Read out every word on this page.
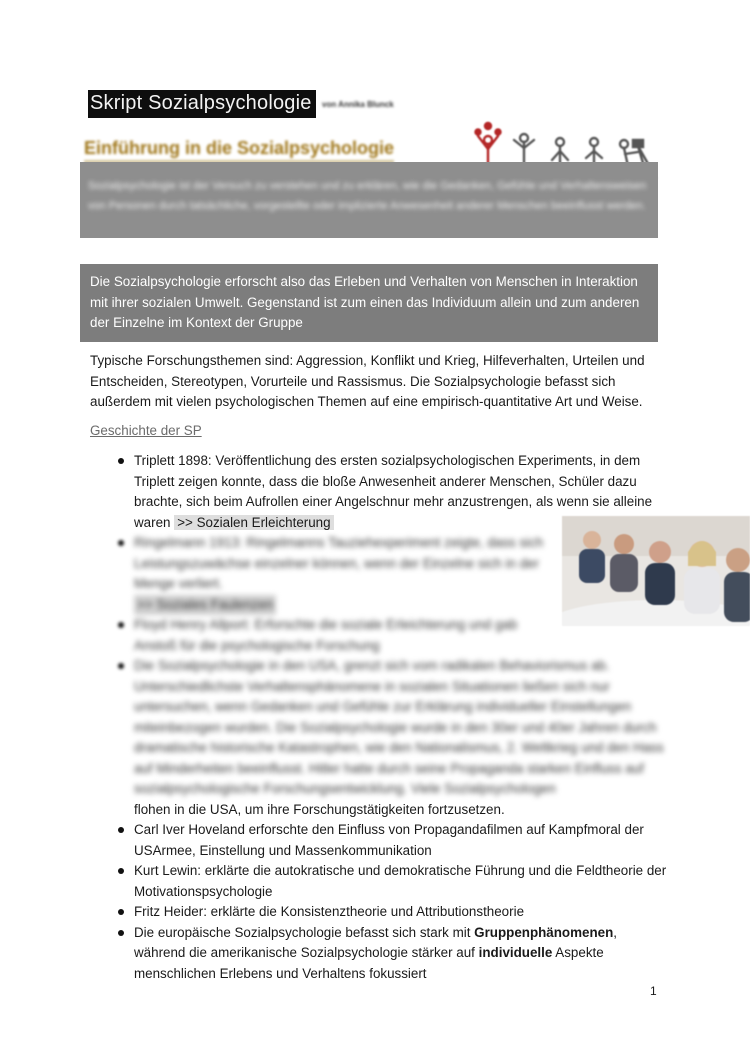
Skript Sozialpsychologie von Annika Blunck
Einführung in die Sozialpsychologie

Sozialpsychologie ist der Versuch zu verstehen und zu erklären, wie die Gedanken, Gefühle und Verhaltensweisen von Personen durch tatsächliche, vorgestellte oder implizierte Anwesenheit anderer Menschen beeinflusst werden.

Die Sozialpsychologie erforscht also das Erleben und Verhalten von Menschen in Interaktion mit ihrer sozialen Umwelt. Gegenstand ist zum einen das Individuum allein und zum anderen der Einzelne im Kontext der Gruppe

Typische Forschungsthemen sind: Aggression, Konflikt und Krieg, Hilfeverhalten, Urteilen und Entscheiden, Stereotypen, Vorurteile und Rassismus. Die Sozialpsychologie befasst sich außerdem mit vielen psychologischen Themen auf eine empirisch-quantitative Art und Weise.

Geschichte der SP
Triplett 1898: Veröffentlichung des ersten sozialpsychologischen Experiments, in dem Triplett zeigen konnte, dass die bloße Anwesenheit anderer Menschen, Schüler dazu brachte, sich beim Aufrollen einer Angelschnur mehr anzustrengen, als wenn sie alleine waren >> Sozialen Erleichterung
Ringelmann 1913: Ringelmanns Tauziehexperiment zeigte, dass sich Leistungszuwächse einzelner können, wenn der Einzelne sich in der Menge verliert.
>> Soziales Faulenzen
Floyd Henry Allport: Erforschte die soziale Erleichterung und gab Anstoß für die psychologische Forschung
Die Sozialpsychologie in den USA, grenzt sich vom radikalen Behaviorismus ab. Unterschiedlichste Verhaltensphänomene in sozialen Situationen ließen sich nur untersuchen, wenn Gedanken und Gefühle zur Erklärung individueller Einstellungen miteinbezogen wurden. Die Sozialpsychologie wurde in den 30er und 40er Jahren durch dramatische historische Katastrophen, wie den Nationalismus, 2. Weltkrieg und den Hass auf Minderheiten beeinflusst. Hitler hatte durch seine Propaganda starken Einfluss auf sozialpsychologische Forschungsentwicklung. Viele Sozialpsychologen
flohen in die USA, um ihre Forschungstätigkeiten fortzusetzen.
Carl Iver Hoveland erforschte den Einfluss von Propagandafilmen auf Kampfmoral der USArmee, Einstellung und Massenkommunikation
Kurt Lewin: erklärte die autokratische und demokratische Führung und die Feldtheorie der Motivationspsychologie
Fritz Heider: erklärte die Konsistenztheorie und Attributionstheorie
Die europäische Sozialpsychologie befasst sich stark mit Gruppenphänomenen, während die amerikanische Sozialpsychologie stärker auf individuelle Aspekte menschlichen Erlebens und Verhaltens fokussiert
1
